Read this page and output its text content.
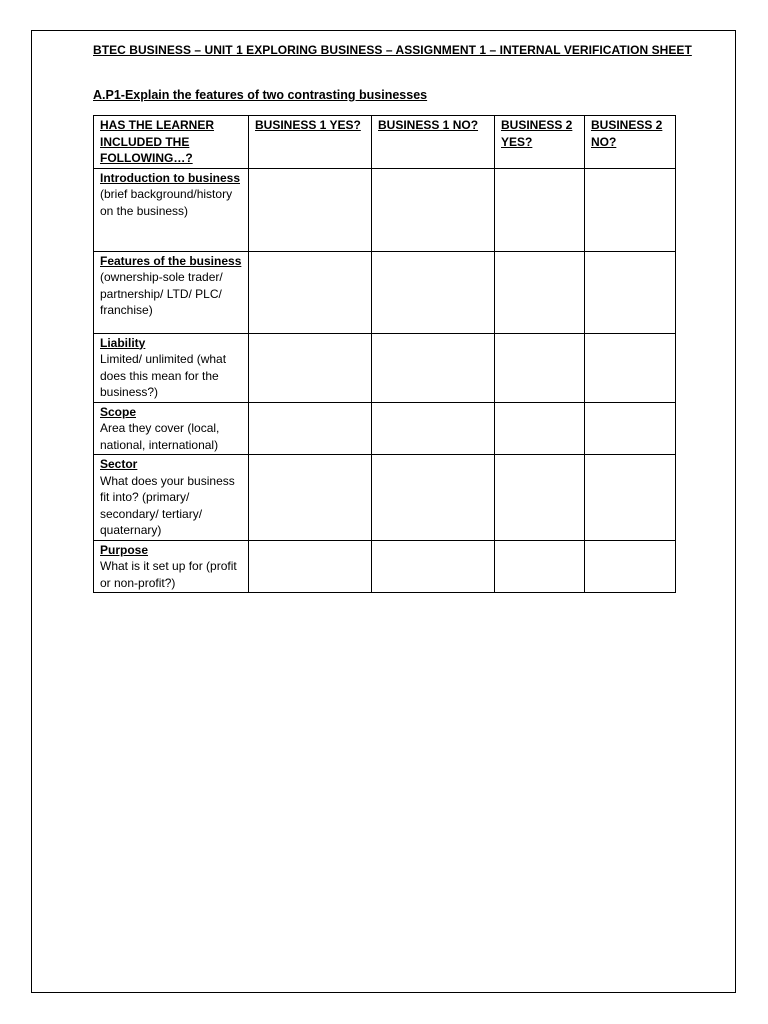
BTEC BUSINESS – UNIT 1 EXPLORING BUSINESS – ASSIGNMENT 1 – INTERNAL VERIFICATION SHEET
A.P1-Explain the features of two contrasting businesses
HAS THE LEARNER INCLUDED THE FOLLOWING…?	BUSINESS 1 YES?	BUSINESS 1 NO?	BUSINESS 2 YES?	BUSINESS 2 NO?

Introduction to business
(brief background/history on the business)				

Features of the business
(ownership-sole trader/ partnership/ LTD/ PLC/ franchise)				

Liability
Limited/ unlimited (what does this mean for the business?)				

Scope
Area they cover (local, national, international)				

Sector
What does your business fit into? (primary/ secondary/ tertiary/ quaternary)				

Purpose
What is it set up for (profit or non-profit?)				
